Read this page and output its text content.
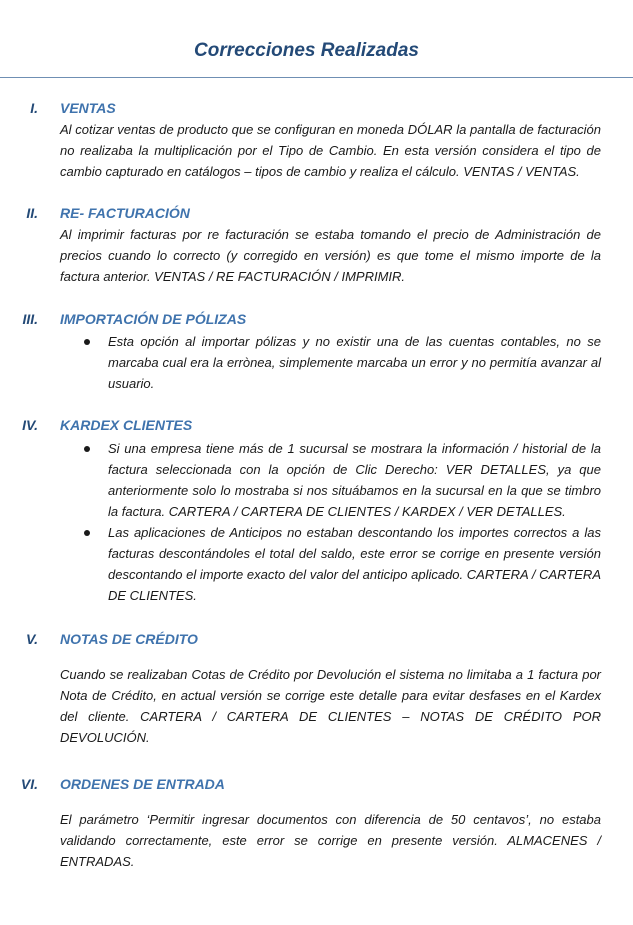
Correcciones Realizadas
I. VENTAS
Al cotizar ventas de producto que se configuran en moneda DÓLAR la pantalla de facturación no realizaba la multiplicación por el Tipo de Cambio. En esta versión considera el tipo de cambio capturado en catálogos – tipos de cambio y realiza el cálculo. VENTAS / VENTAS.
II. RE- FACTURACIÓN
Al imprimir facturas por re facturación se estaba tomando el precio de Administración de precios cuando lo correcto (y corregido en versión) es que tome el mismo importe de la factura anterior. VENTAS / RE FACTURACIÓN / IMPRIMIR.
III. IMPORTACIÓN DE PÓLIZAS
Esta opción al importar pólizas y no existir una de las cuentas contables, no se marcaba cual era la errònea, simplemente marcaba un error y no permitía avanzar al usuario.
IV. KARDEX CLIENTES
Si una empresa tiene más de 1 sucursal se mostrara la información / historial de la factura seleccionada con la opción de Clic Derecho: VER DETALLES, ya que anteriormente solo lo mostraba si nos situábamos en la sucursal en la que se timbro la factura. CARTERA / CARTERA DE CLIENTES / KARDEX / VER DETALLES.
Las aplicaciones de Anticipos no estaban descontando los importes correctos a las facturas descontándoles el total del saldo, este error se corrige en presente versión descontando el importe exacto del valor del anticipo aplicado. CARTERA / CARTERA DE CLIENTES.
V. NOTAS DE CRÉDITO
Cuando se realizaban Cotas de Crédito por Devolución el sistema no limitaba a 1 factura por Nota de Crédito, en actual versión se corrige este detalle para evitar desfases en el Kardex del cliente. CARTERA / CARTERA DE CLIENTES – NOTAS DE CRÉDITO POR DEVOLUCIÓN.
VI. ORDENES DE ENTRADA
El parámetro ‘Permitir ingresar documentos con diferencia de 50 centavos’, no estaba validando correctamente, este error se corrige en presente versión. ALMACENES / ENTRADAS.
